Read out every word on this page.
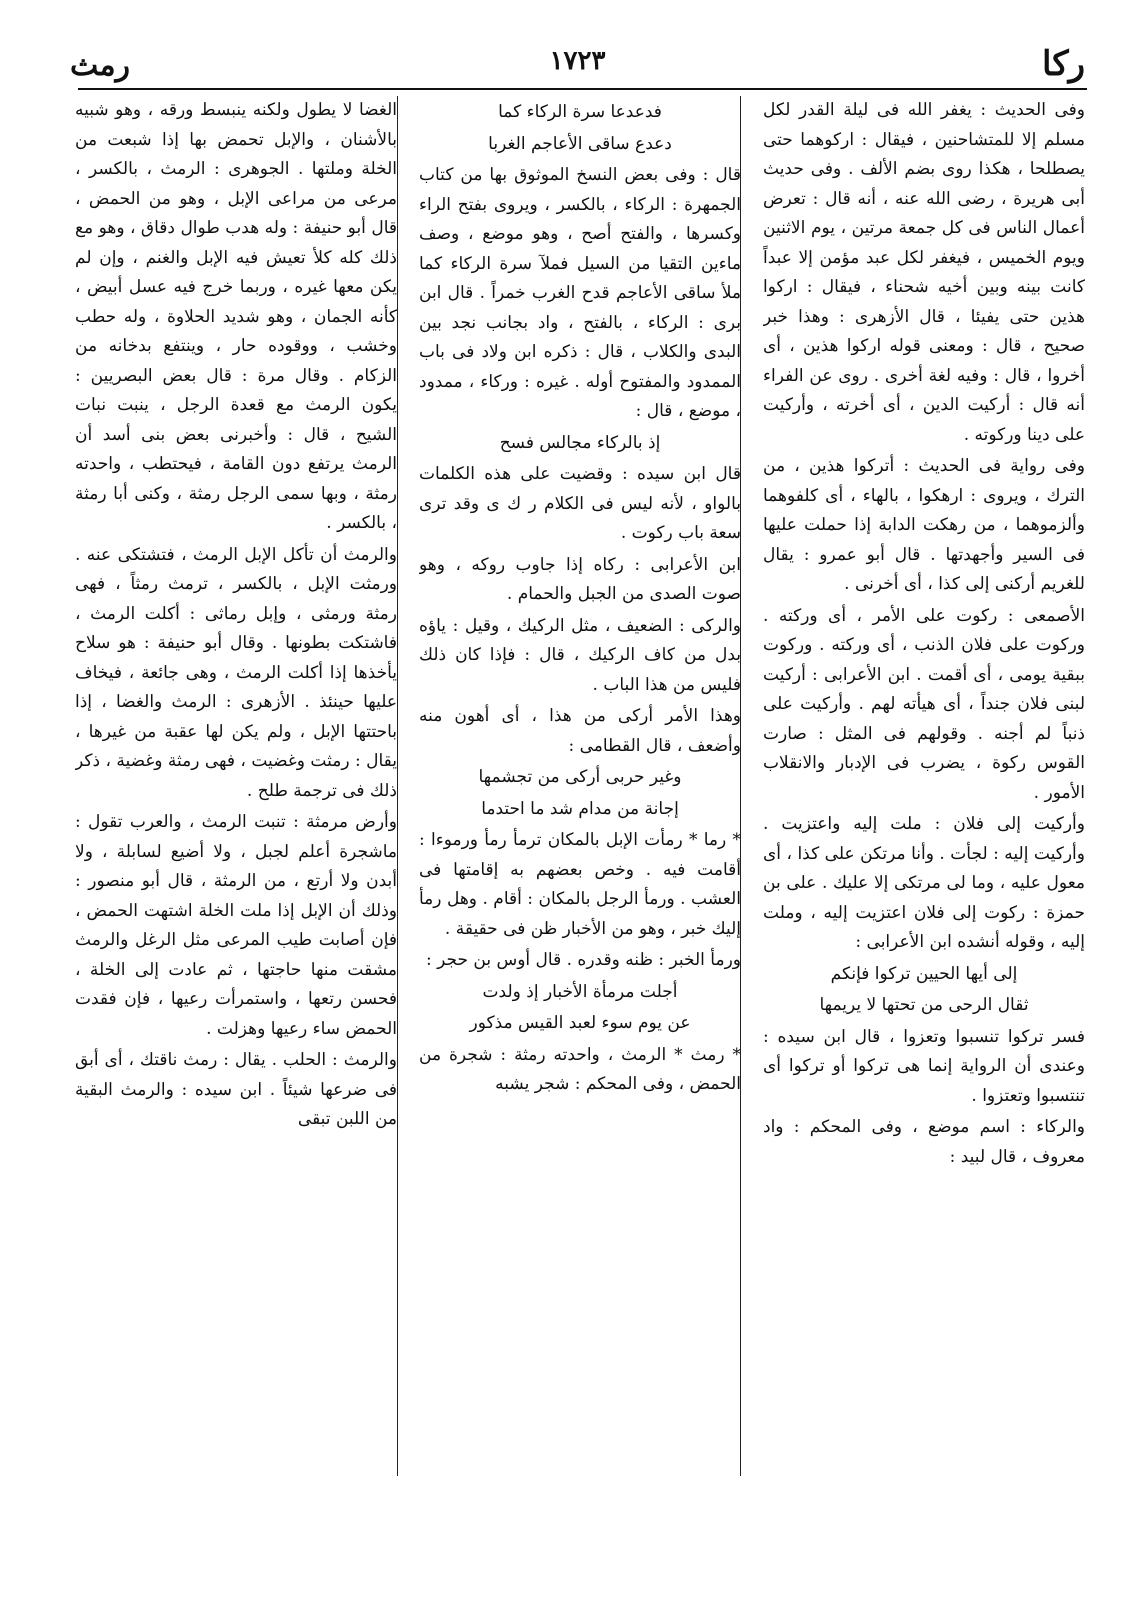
ركا
١٧٢٣
رمث

وفى الحديث : يغفر الله فى ليلة القدر لكل مسلم إلا للمتشاحنين ، فيقال : اركوهما حتى يصطلحا ، هكذا روى بضم الألف . وفى حديث أبى هريرة ، رضى الله عنه ، أنه قال : تعرض أعمال الناس فى كل جمعة مرتين ، يوم الاثنين ويوم الخميس ، فيغفر لكل عبد مؤمن إلا عبداً كانت بينه وبين أخيه شحناء ، فيقال : اركوا هذين حتى يفيئا ، قال الأزهرى : وهذا خبر صحيح ، قال : ومعنى قوله اركوا هذين ، أى أخروا ، قال : وفيه لغة أخرى . روى عن الفراء أنه قال : أركيت الدين ، أى أخرته ، وأركيت على دينا وركوته .

وفى رواية فى الحديث : أتركوا هذين ، من الترك ، ويروى : ارهكوا ، بالهاء ، أى كلفوهما وألزموهما ، من رهكت الدابة إذا حملت عليها فى السير وأجهدتها . قال أبو عمرو : يقال للغريم أركنى إلى كذا ، أى أخرنى .

الأصمعى : ركوت على الأمر ، أى وركته . وركوت على فلان الذنب ، أى وركته . وركوت ببقية يومى ، أى أقمت . ابن الأعرابى : أركيت لبنى فلان جنداً ، أى هيأته لهم . وأركيت على ذنباً لم أجنه . وقولهم فى المثل : صارت القوس ركوة ، يضرب فى الإدبار والانقلاب الأمور .

وأركيت إلى فلان : ملت إليه واعتزيت . وأركيت إليه : لجأت . وأنا مرتكن على كذا ، أى معول عليه ، وما لى مرتكى إلا عليك . على بن حمزة : ركوت إلى فلان اعتزيت إليه ، وملت إليه ، وقوله أنشده ابن الأعرابى :

إلى أيها الحيين تركوا فإنكم
ثقال الرحى من تحتها لا يريمها

فسر تركوا تنسبوا وتعزوا ، قال ابن سيده : وعندى أن الرواية إنما هى تركوا أو تركوا أى تنتسبوا وتعتزوا .

والركاء : اسم موضع ، وفى المحكم : واد معروف ، قال لبيد :

فدعدعا سرة الركاء كما
دعدع ساقى الأعاجم الغربا

قال : وفى بعض النسخ الموثوق بها من كتاب الجمهرة : الركاء ، بالكسر ، ويروى بفتح الراء وكسرها ، والفتح أصح ، وهو موضع ، وصف ماءين التقيا من السيل فملآ سرة الركاء كما ملأ ساقى الأعاجم قدح الغرب خمراً . قال ابن برى : الركاء ، بالفتح ، واد بجانب نجد بين البدى والكلاب ، قال : ذكره ابن ولاد فى باب الممدود والمفتوح أوله . غيره : وركاء ، ممدود ، موضع ، قال :

إذ بالركاء مجالس فسح

قال ابن سيده : وقضيت على هذه الكلمات بالواو ، لأنه ليس فى الكلام ر ك ى وقد ترى سعة باب ركوت .

ابن الأعرابى : ركاه إذا جاوب روكه ، وهو صوت الصدى من الجبل والحمام .

والركى : الضعيف ، مثل الركيك ، وقيل : ياؤه بدل من كاف الركيك ، قال : فإذا كان ذلك فليس من هذا الباب .

وهذا الأمر أركى من هذا ، أى أهون منه وأضعف ، قال القطامى :

وغير حربى أركى من تجشمها
إجانة من مدام شد ما احتدما

* رما * رمأت الإبل بالمكان ترمأ رمأ ورموءا : أقامت فيه . وخص بعضهم به إقامتها فى العشب . ورمأ الرجل بالمكان : أقام . وهل رمأ إليك خبر ، وهو من الأخبار ظن فى حقيقة .

ورمأ الخبر : ظنه وقدره . قال أوس بن حجر :

أجلت مرمأة الأخبار إذ ولدت
عن يوم سوء لعبد القيس مذكور

* رمث * الرمث ، واحدته رمثة : شجرة من الحمض ، وفى المحكم : شجر يشبه

الغضا لا يطول ولكنه ينبسط ورقه ، وهو شبيه بالأشنان ، والإبل تحمض بها إذا شبعت من الخلة وملتها . الجوهرى : الرمث ، بالكسر ، مرعى من مراعى الإبل ، وهو من الحمض ، قال أبو حنيفة : وله هدب طوال دقاق ، وهو مع ذلك كله كلأ تعيش فيه الإبل والغنم ، وإن لم يكن معها غيره ، وربما خرج فيه عسل أبيض ، كأنه الجمان ، وهو شديد الحلاوة ، وله حطب وخشب ، ووقوده حار ، وينتفع بدخانه من الزكام . وقال مرة : قال بعض البصريين : يكون الرمث مع قعدة الرجل ، ينبت نبات الشيح ، قال : وأخبرنى بعض بنى أسد أن الرمث يرتفع دون القامة ، فيحتطب ، واحدته رمثة ، وبها سمى الرجل رمثة ، وكنى أبا رمثة ، بالكسر .

والرمث أن تأكل الإبل الرمث ، فتشتكى عنه . ورمثت الإبل ، بالكسر ، ترمث رمثاً ، فهى رمثة ورمثى ، وإبل رماثى : أكلت الرمث ، فاشتكت بطونها . وقال أبو حنيفة : هو سلاح يأخذها إذا أكلت الرمث ، وهى جائعة ، فيخاف عليها حينئذ . الأزهرى : الرمث والغضا ، إذا باحتتها الإبل ، ولم يكن لها عقبة من غيرها ، يقال : رمثت وغضيت ، فهى رمثة وغضية ، ذكر ذلك فى ترجمة طلح .

وأرض مرمثة : تنبت الرمث ، والعرب تقول : ماشجرة أعلم لجبل ، ولا أضيع لسابلة ، ولا أبدن ولا أرتع ، من الرمثة ، قال أبو منصور : وذلك أن الإبل إذا ملت الخلة اشتهت الحمض ، فإن أصابت طيب المرعى مثل الرغل والرمث مشقت منها حاجتها ، ثم عادت إلى الخلة ، فحسن رتعها ، واستمرأت رعيها ، فإن فقدت الحمض ساء رعيها وهزلت .

والرمث : الحلب . يقال : رمث ناقتك ، أى أبق فى ضرعها شيئاً . ابن سيده : والرمث البقية من اللبن تبقى
